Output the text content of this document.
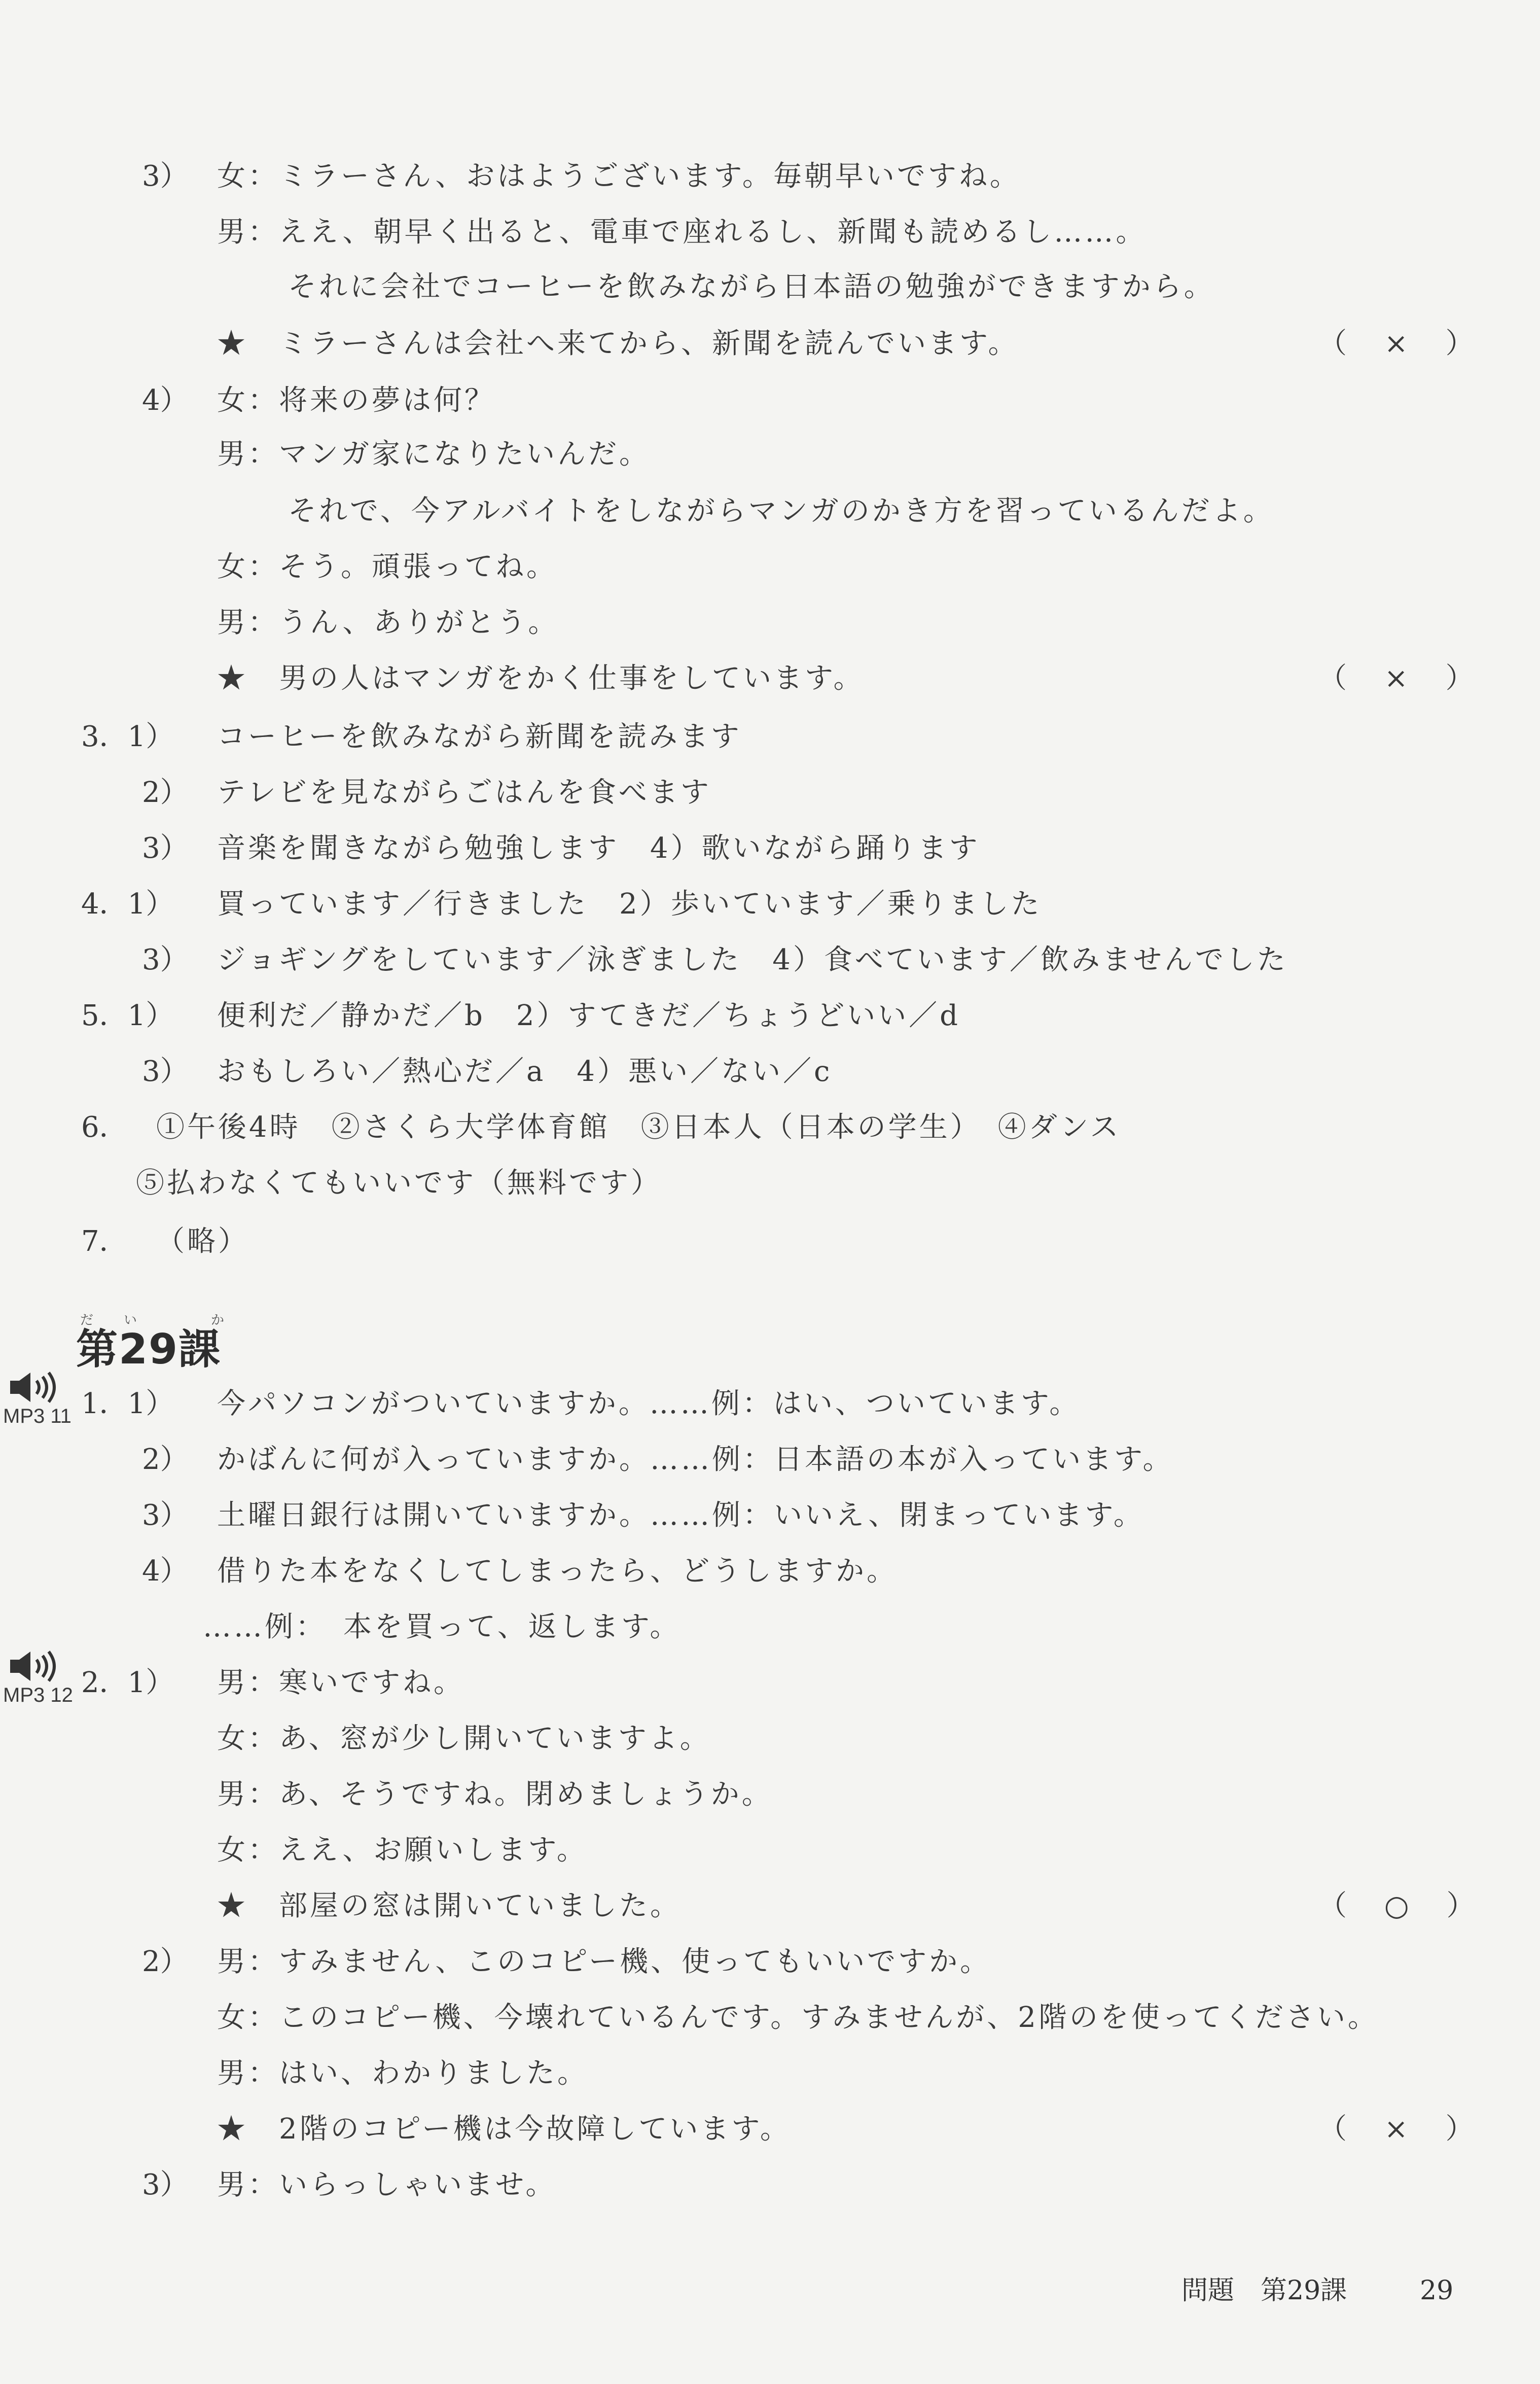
3） 女：ミラーさん、おはようございます。毎朝早いですね。
男：ええ、朝早く出ると、電車で座れるし、新聞も読めるし……。
それに会社でコーヒーを飲みながら日本語の勉強ができますから。
★　ミラーさんは会社へ来てから、新聞を読んでいます。	（ × ）
4） 女：将来の夢は何？
男：マンガ家になりたいんだ。
それで、今アルバイトをしながらマンガのかき方を習っているんだよ。
女：そう。頑張ってね。
男：うん、ありがとう。
★　男の人はマンガをかく仕事をしています。	（ × ）
3．1） コーヒーを飲みながら新聞を読みます
2） テレビを見ながらごはんを食べます
3） 音楽を聞きながら勉強します　4）歌いながら踊ります
4．1） 買っています／行きました　2）歩いています／乗りました
3） ジョギングをしています／泳ぎました　4）食べています／飲みませんでした
5．1） 便利だ／静かだ／b　2）すてきだ／ちょうどいい／d
3） おもしろい／熱心だ／a　4）悪い／ない／c
6． ①午後4時　②さくら大学体育館　③日本人（日本の学生）　④ダンス
⑤払わなくてもいいです（無料です）
7． （略）
1．1） 今パソコンがついていますか。……例：はい、ついています。
2） かばんに何が入っていますか。……例：日本語の本が入っています。
3） 土曜日銀行は開いていますか。……例：いいえ、閉まっています。
4） 借りた本をなくしてしまったら、どうしますか。
……例：　本を買って、返します。
2．1） 男：寒いですね。
女：あ、窓が少し開いていますよ。
男：あ、そうですね。閉めましょうか。
女：ええ、お願いします。
★　部屋の窓は開いていました。	（ ○ ）
2） 男：すみません、このコピー機、使ってもいいですか。
女：このコピー機、今壊れているんです。すみませんが、2階のを使ってください。
男：はい、わかりました。
★　2階のコピー機は今故障しています。	（ × ）
3） 男：いらっしゃいませ。
だい　か
第29課
MP3 11
MP3 12
問題　第29課	29
